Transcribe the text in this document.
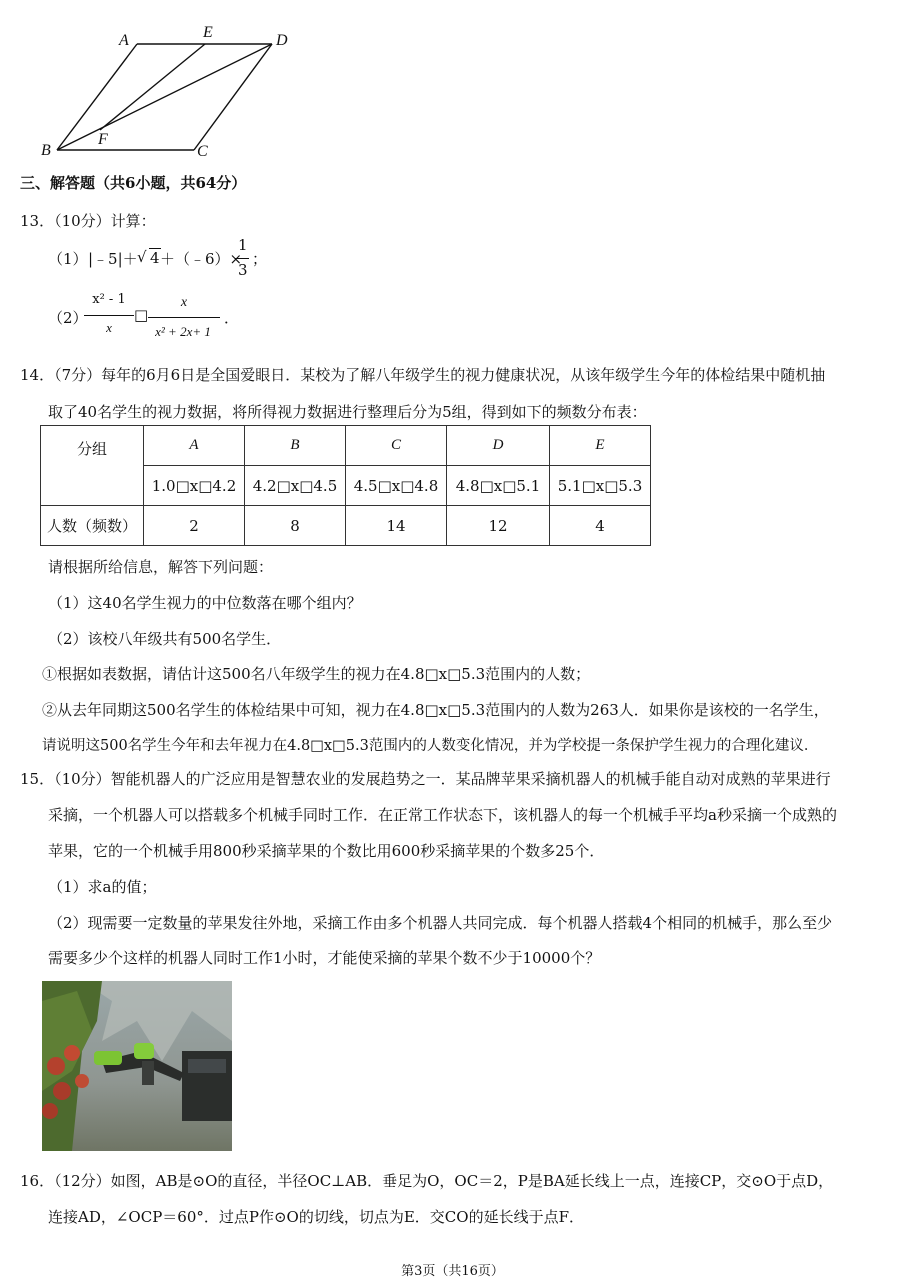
A	E	D
B
F
C
三、解答题（共6小题，共64分）
13．（10分）计算：
（1） |﹣5|＋ √ 4 ＋（﹣6）×
1
3
；
（2）
x² - 1
x
□
x
x² + 2x+ 1
．
14．（7分）每年的6月6日是全国爱眼日．某校为了解八年级学生的视力健康状况，从该年级学生今年的体检结果中随机抽
取了40名学生的视力数据，将所得视力数据进行整理后分为5组，得到如下的频数分布表：
分组	A	B	C	D	E
	1.0□x□4.2	4.2□x□4.5	4.5□x□4.8	4.8□x□5.1	5.1□x□5.3
人数（频数）	2	8	14	12	4
请根据所给信息，解答下列问题：
（1）这40名学生视力的中位数落在哪个组内？
（2）该校八年级共有500名学生．
①根据如表数据，请估计这500名八年级学生的视力在4.8□x□5.3范围内的人数；
②从去年同期这500名学生的体检结果中可知，视力在4.8□x□5.3范围内的人数为263人．如果你是该校的一名学生，
请说明这500名学生今年和去年视力在4.8□x□5.3范围内的人数变化情况，并为学校提一条保护学生视力的合理化建议．
15．（10分）智能机器人的广泛应用是智慧农业的发展趋势之一．某品牌苹果采摘机器人的机械手能自动对成熟的苹果进行
采摘，一个机器人可以搭载多个机械手同时工作．在正常工作状态下，该机器人的每一个机械手平均a秒采摘一个成熟的
苹果，它的一个机械手用800秒采摘苹果的个数比用600秒采摘苹果的个数多25个．
（1）求a的值；
（2）现需要一定数量的苹果发往外地，采摘工作由多个机器人共同完成．每个机器人搭载4个相同的机械手，那么至少
需要多少个这样的机器人同时工作1小时，才能使采摘的苹果个数不少于10000个？
16．（12分）如图，AB是⊙O的直径，半径OC⊥AB．垂足为O，OC＝2，P是BA延长线上一点，连接CP，交⊙O于点D，
连接AD，∠OCP＝60°．过点P作⊙O的切线，切点为E．交CO的延长线于点F．
第3页（共16页）
